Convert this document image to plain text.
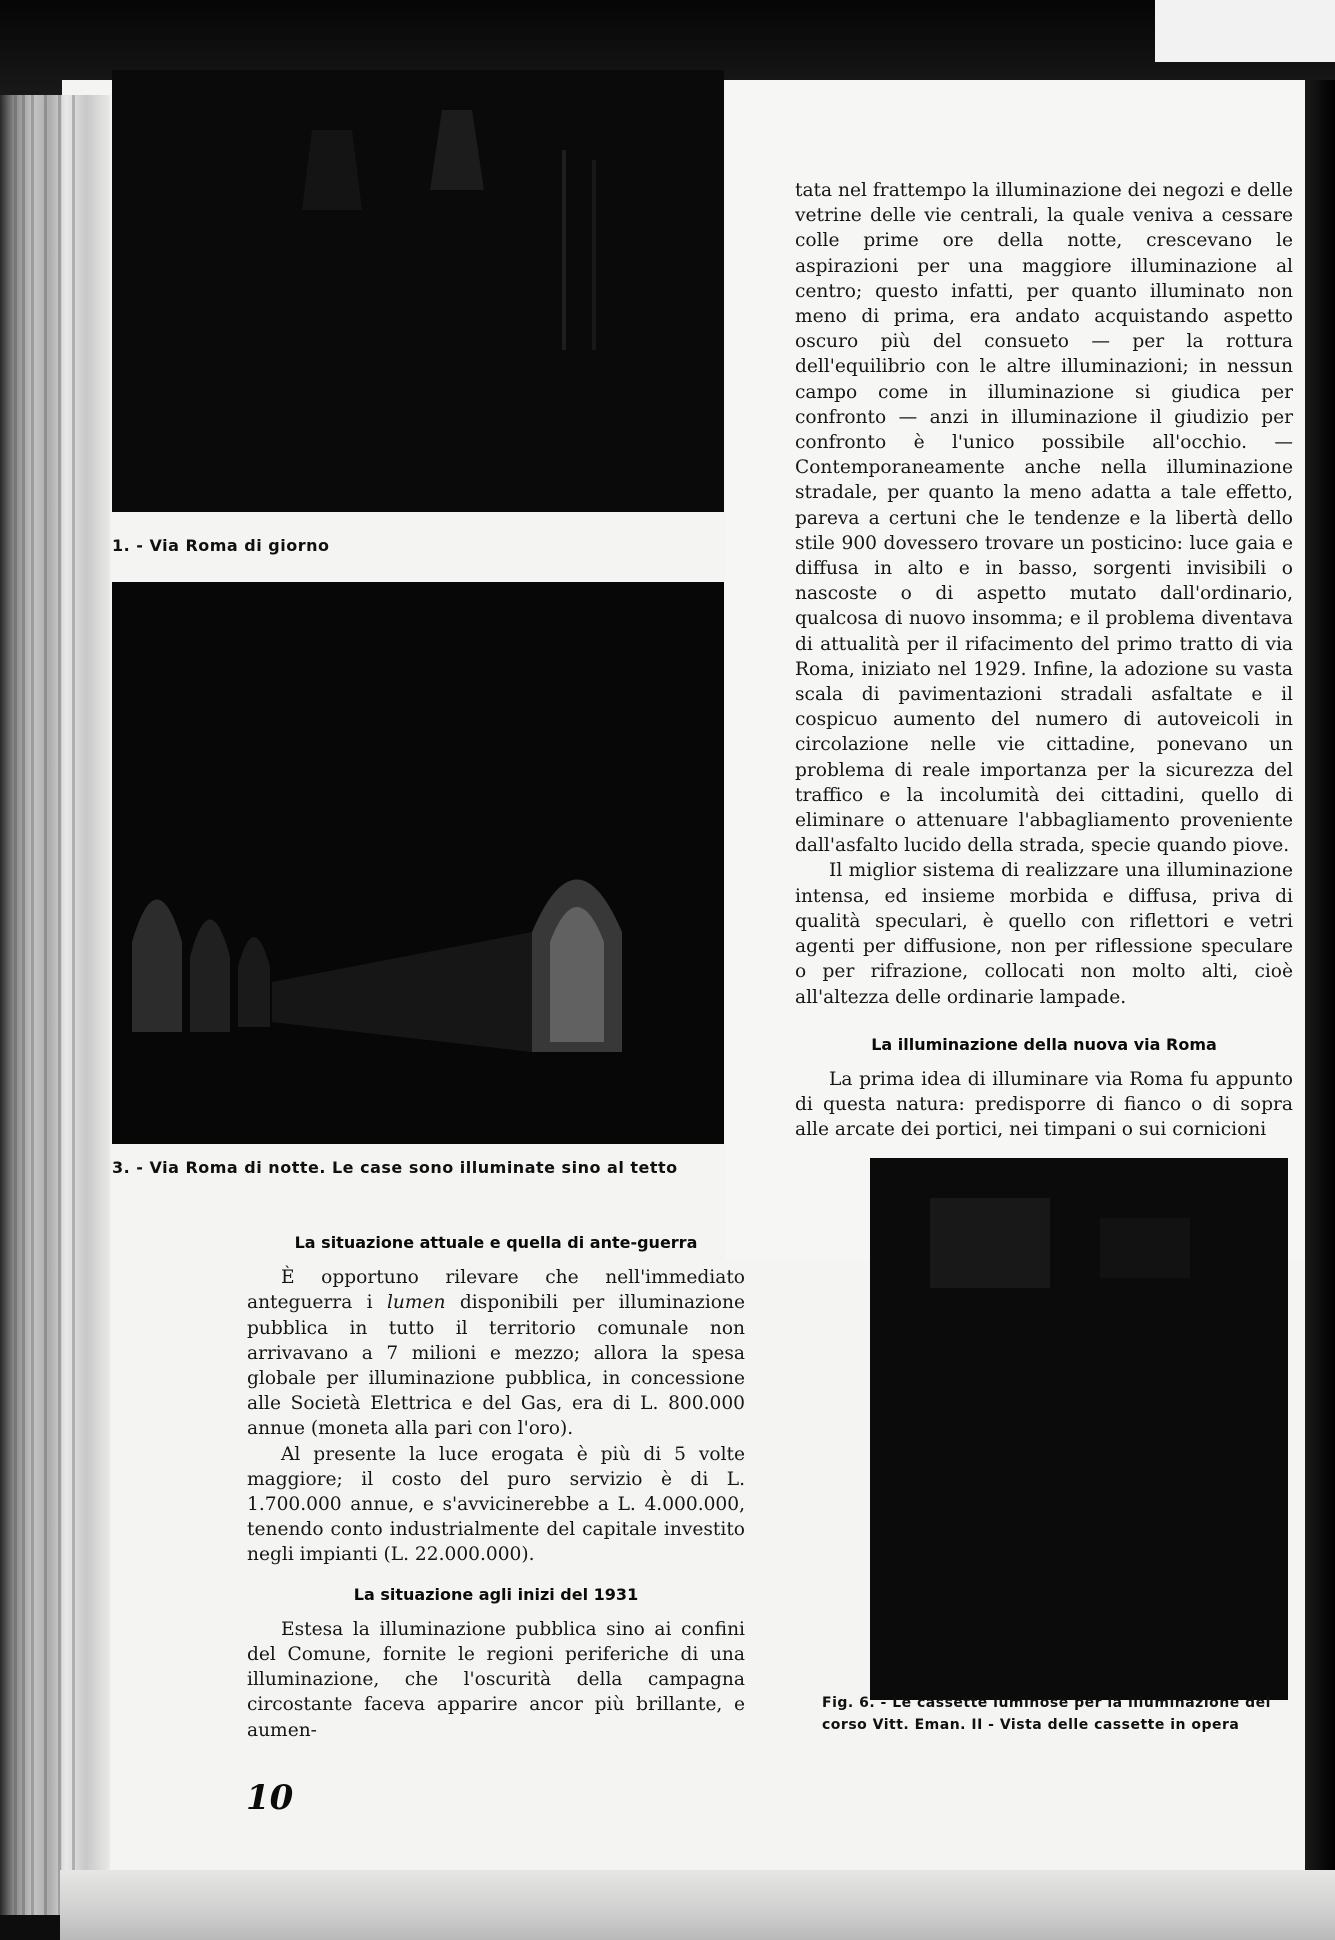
1. - Via Roma di giorno
3. - Via Roma di notte. Le case sono illuminate sino al tetto
Fig. 6. - Le cassette luminose per la illuminazione del corso Vitt. Eman. II - Vista delle cassette in opera

tata nel frattempo la illuminazione dei negozi e delle vetrine delle vie centrali, la quale veniva a cessare colle prime ore della notte, crescevano le aspirazioni per una maggiore illuminazione al centro; questo infatti, per quanto illuminato non meno di prima, era andato acquistando aspetto oscuro più del consueto — per la rottura dell'equilibrio con le altre illuminazioni; in nessun campo come in illuminazione si giudica per confronto — anzi in illuminazione il giudizio per confronto è l'unico possibile all'occhio. — Contemporaneamente anche nella illuminazione stradale, per quanto la meno adatta a tale effetto, pareva a certuni che le tendenze e la libertà dello stile 900 dovessero trovare un posticino: luce gaia e diffusa in alto e in basso, sorgenti invisibili o nascoste o di aspetto mutato dall'ordinario, qualcosa di nuovo insomma; e il problema diventava di attualità per il rifacimento del primo tratto di via Roma, iniziato nel 1929. Infine, la adozione su vasta scala di pavimentazioni stradali asfaltate e il cospicuo aumento del numero di autoveicoli in circolazione nelle vie cittadine, ponevano un problema di reale importanza per la sicurezza del traffico e la incolumità dei cittadini, quello di eliminare o attenuare l'abbagliamento proveniente dall'asfalto lucido della strada, specie quando piove.

Il miglior sistema di realizzare una illuminazione intensa, ed insieme morbida e diffusa, priva di qualità speculari, è quello con riflettori e vetri agenti per diffusione, non per riflessione speculare o per rifrazione, collocati non molto alti, cioè all'altezza delle ordinarie lampade.

La illuminazione della nuova via Roma

La prima idea di illuminare via Roma fu appunto di questa natura: predisporre di fianco o di sopra alle arcate dei portici, nei timpani o sui cornicioni

La situazione attuale e quella di ante-guerra

È opportuno rilevare che nell'immediato anteguerra i lumen disponibili per illuminazione pubblica in tutto il territorio comunale non arrivavano a 7 milioni e mezzo; allora la spesa globale per illuminazione pubblica, in concessione alle Società Elettrica e del Gas, era di L. 800.000 annue (moneta alla pari con l'oro).

Al presente la luce erogata è più di 5 volte maggiore; il costo del puro servizio è di L. 1.700.000 annue, e s'avvicinerebbe a L. 4.000.000, tenendo conto industrialmente del capitale investito negli impianti (L. 22.000.000).

La situazione agli inizi del 1931

Estesa la illuminazione pubblica sino ai confini del Comune, fornite le regioni periferiche di una illuminazione, che l'oscurità della campagna circostante faceva apparire ancor più brillante, e aumen-

10
